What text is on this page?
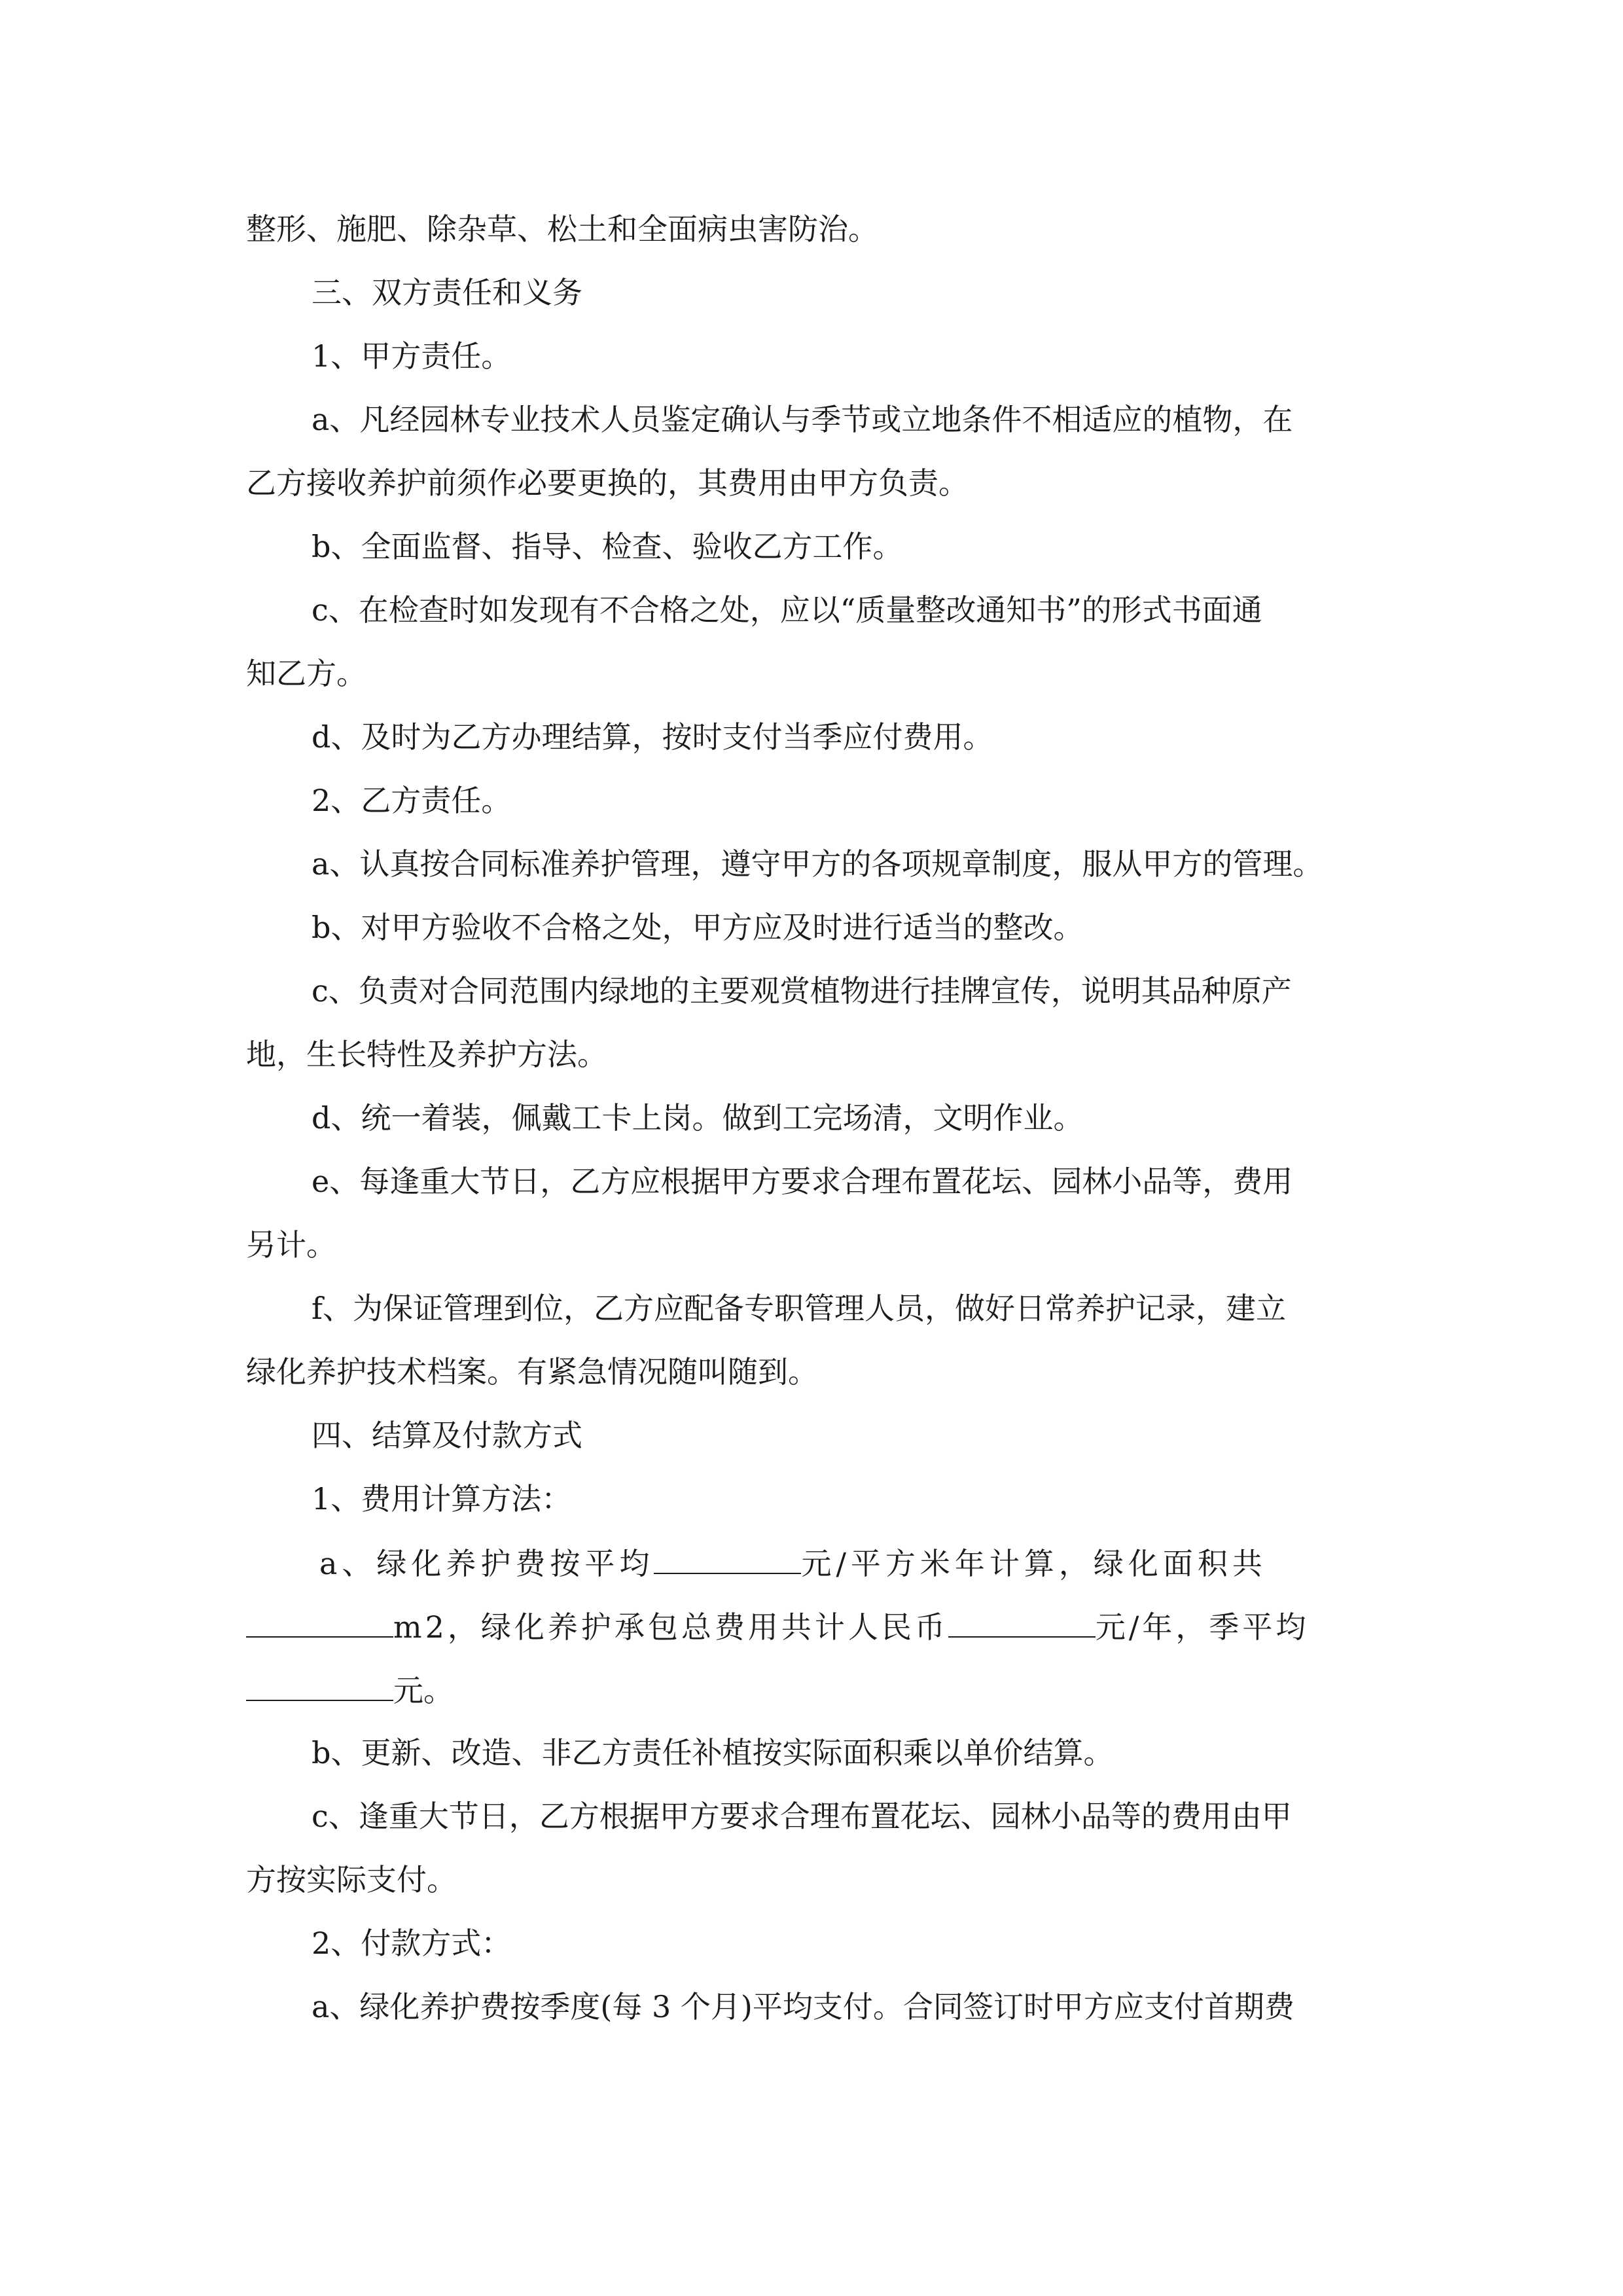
整形、施肥、除杂草、松土和全面病虫害防治。
三、双方责任和义务
1、甲方责任。
a、凡经园林专业技术人员鉴定确认与季节或立地条件不相适应的植物，在
乙方接收养护前须作必要更换的，其费用由甲方负责。
b、全面监督、指导、检查、验收乙方工作。
c、在检查时如发现有不合格之处，应以“质量整改通知书”的形式书面通
知乙方。
d、及时为乙方办理结算，按时支付当季应付费用。
2、乙方责任。
a、认真按合同标准养护管理，遵守甲方的各项规章制度，服从甲方的管理。
b、对甲方验收不合格之处，甲方应及时进行适当的整改。
c、负责对合同范围内绿地的主要观赏植物进行挂牌宣传，说明其品种原产
地，生长特性及养护方法。
d、统一着装，佩戴工卡上岗。做到工完场清，文明作业。
e、每逢重大节日，乙方应根据甲方要求合理布置花坛、园林小品等，费用
另计。
f、为保证管理到位，乙方应配备专职管理人员，做好日常养护记录，建立
绿化养护技术档案。有紧急情况随叫随到。
四、结算及付款方式
1、费用计算方法：
a、绿化养护费按平均	元/平方米年计算，绿化面积共
m2，绿化养护承包总费用共计人民币	元/年，季平均
元。
b、更新、改造、非乙方责任补植按实际面积乘以单价结算。
c、逢重大节日，乙方根据甲方要求合理布置花坛、园林小品等的费用由甲
方按实际支付。
2、付款方式：
a、绿化养护费按季度(每 3 个月)平均支付。合同签订时甲方应支付首期费
